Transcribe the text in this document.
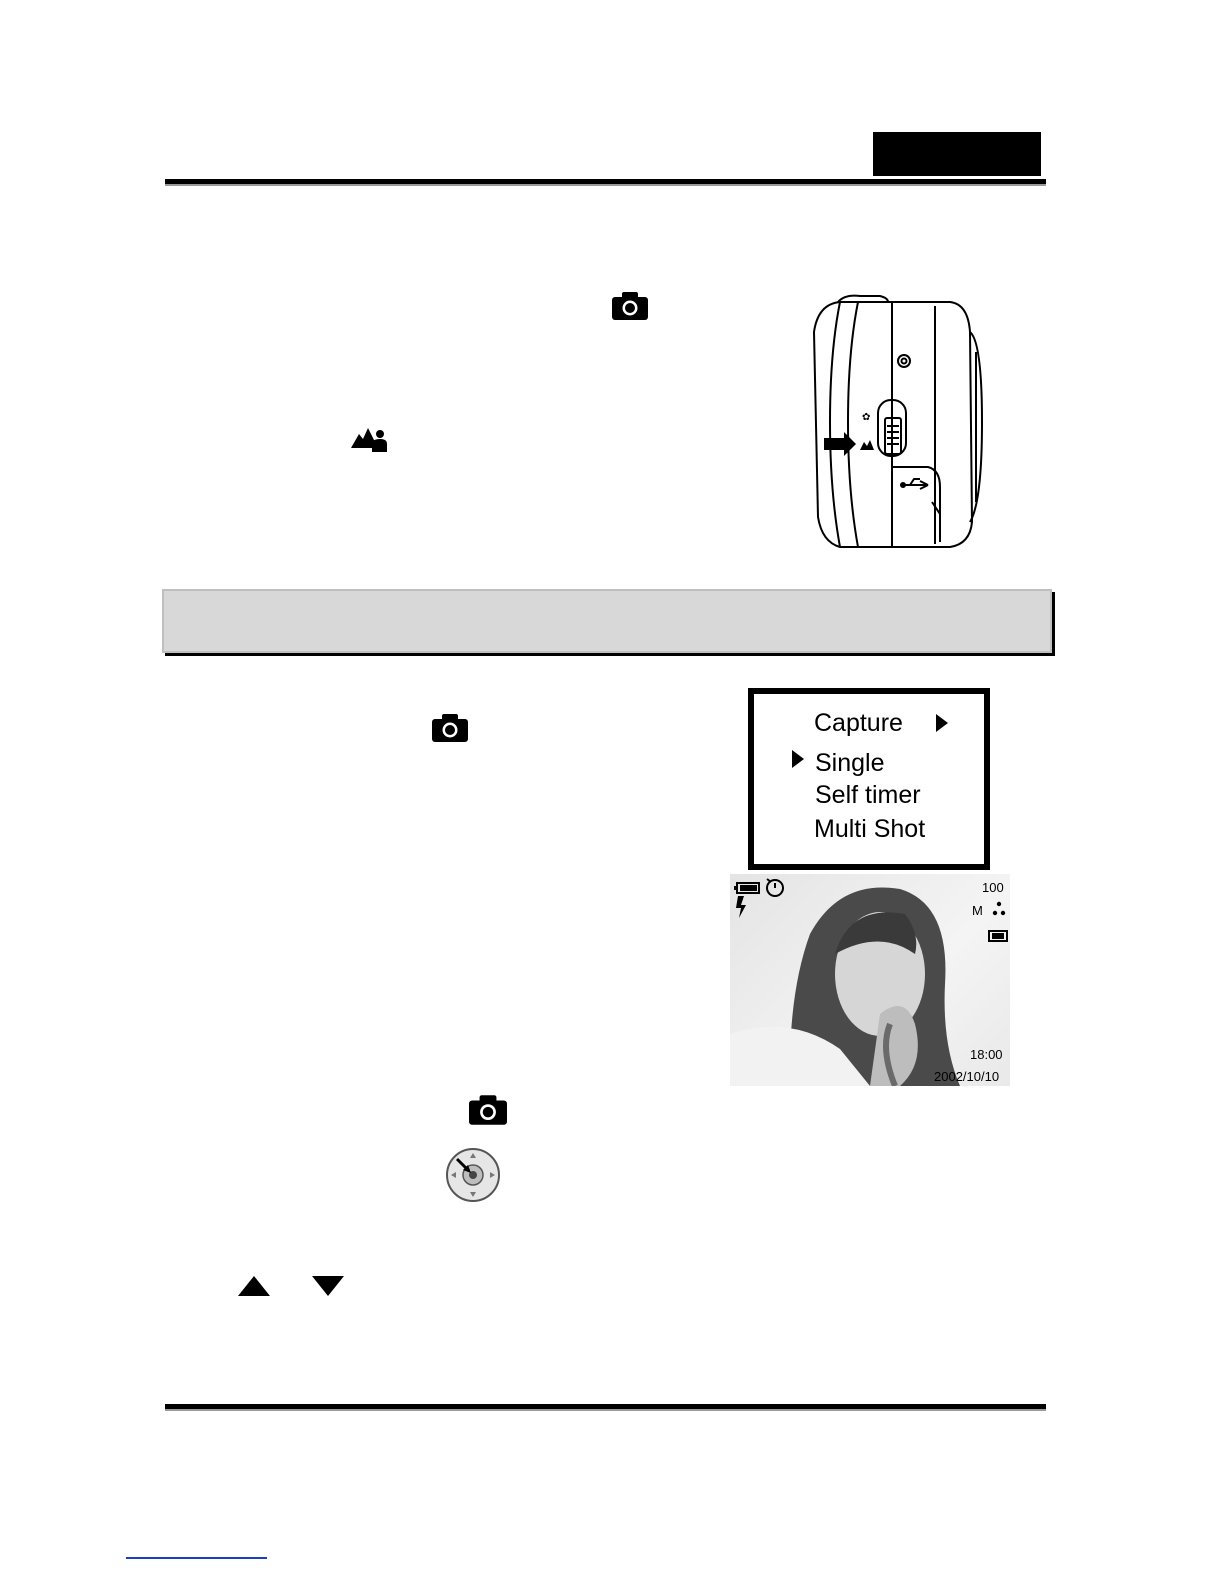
✿
Capture
Single
Self timer
Multi Shot
100
M
18:00
2002/10/10
